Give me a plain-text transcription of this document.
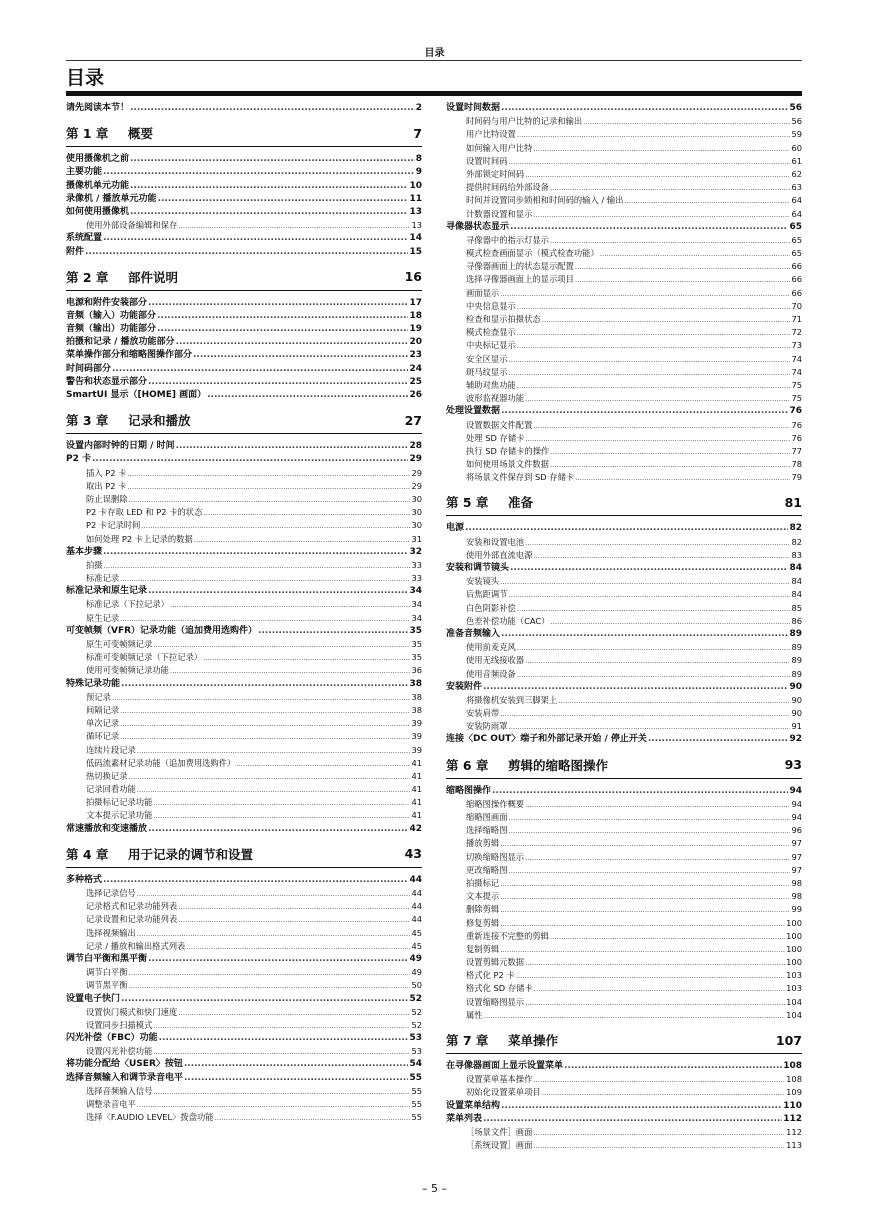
目录
目录
请先阅读本节！ .....	2
第 1 章 概要	7
使用摄像机之前 .....	8
主要功能 .....	9
摄像机单元功能 .....	10
录像机 / 播放单元功能 .....	11
如何使用摄像机 .....	13
使用外部设备编辑和保存 .....	13
系统配置 .....	14
附件 .....	15
第 2 章 部件说明	16
电源和附件安装部分 .....	17
音频（输入）功能部分 .....	18
音频（输出）功能部分 .....	19
拍摄和记录 / 播放功能部分 .....	20
菜单操作部分和缩略图操作部分 .....	23
时间码部分 .....	24
警告和状态显示部分 .....	25
SmartUI 显示（[HOME] 画面） .....	26
第 3 章 记录和播放	27
设置内部时钟的日期 / 时间 .....	28
P2 卡 .....	29
插入 P2 卡 .....	29
取出 P2 卡 .....	29
防止误删除 .....	30
P2 卡存取 LED 和 P2 卡的状态 .....	30
P2 卡记录时间 .....	30
如何处理 P2 卡上记录的数据 .....	31
基本步骤 .....	32
拍摄 .....	33
标准记录 .....	33
标准记录和原生记录 .....	34
标准记录（下拉记录） .....	34
原生记录 .....	34
可变帧频（VFR）记录功能（追加费用选购件） .....	35
原生可变帧频记录 .....	35
标准可变帧频记录（下拉记录） .....	35
使用可变帧频记录功能 .....	36
特殊记录功能 .....	38
预记录 .....	38
间隔记录 .....	38
单次记录 .....	39
循环记录 .....	39
连续片段记录 .....	39
低码流素材记录功能（追加费用选购件） .....	41
热切换记录 .....	41
记录回看功能 .....	41
拍摄标记记录功能 .....	41
文本提示记录功能 .....	41
常速播放和变速播放 .....	42
第 4 章 用于记录的调节和设置	43
多种格式 .....	44
选择记录信号 .....	44
记录格式和记录功能列表 .....	44
记录设置和记录功能列表 .....	44
选择视频输出 .....	45
记录 / 播放和输出格式列表 .....	45
调节白平衡和黑平衡 .....	49
调节白平衡 .....	49
调节黑平衡 .....	50
设置电子快门 .....	52
设置快门模式和快门速度 .....	52
设置同步扫描模式 .....	52
闪光补偿（FBC）功能 .....	53
设置闪光补偿功能 .....	53
将功能分配给〈USER〉按钮 .....	54
选择音频输入和调节录音电平 .....	55
选择音频输入信号 .....	55
调整录音电平 .....	55
选择〈F.AUDIO LEVEL〉拨盘功能 .....	55
设置时间数据 .....	56
时间码与用户比特的记录和输出 .....	56
用户比特设置 .....	59
如何输入用户比特 .....	60
设置时间码 .....	61
外部锁定时间码 .....	62
提供时间码给外部设备 .....	63
时间并设置同步锁相和时间码的输入 / 输出 .....	64
计数器设置和显示 .....	64
寻像器状态显示 .....	65
寻像器中的指示灯显示 .....	65
模式检查画面显示（模式检查功能） .....	65
寻像器画面上的状态显示配置 .....	66
选择寻像器画面上的显示项目 .....	66
画面显示 .....	66
中央信息显示 .....	70
检查和显示拍摄状态 .....	71
模式检查显示 .....	72
中央标记显示 .....	73
安全区显示 .....	74
斑马纹显示 .....	74
辅助对焦功能 .....	75
波形监视器功能 .....	75
处理设置数据 .....	76
设置数据文件配置 .....	76
处理 SD 存储卡 .....	76
执行 SD 存储卡的操作 .....	77
如何使用场景文件数据 .....	78
将场景文件保存到 SD 存储卡 .....	79
第 5 章 准备	81
电源 .....	82
安装和设置电池 .....	82
使用外部直流电源 .....	83
安装和调节镜头 .....	84
安装镜头 .....	84
后焦距调节 .....	84
白色阴影补偿 .....	85
色差补偿功能（CAC） .....	86
准备音频输入 .....	89
使用前麦克风 .....	89
使用无线接收器 .....	89
使用音频设备 .....	89
安装附件 .....	90
将摄像机安装到三脚架上 .....	90
安装肩带 .....	90
安装防雨罩 .....	91
连接〈DC OUT〉端子和外部记录开始 / 停止开关 .....	92
第 6 章 剪辑的缩略图操作	93
缩略图操作 .....	94
缩略图操作概要 .....	94
缩略图画面 .....	94
选择缩略图 .....	96
播放剪辑 .....	97
切换缩略图显示 .....	97
更改缩略图 .....	97
拍摄标记 .....	98
文本提示 .....	98
删除剪辑 .....	99
修复剪辑 .....	100
重新连接不完整的剪辑 .....	100
复制剪辑 .....	100
设置剪辑元数据 .....	100
格式化 P2 卡 .....	103
格式化 SD 存储卡 .....	103
设置缩略图显示 .....	104
属性 .....	104
第 7 章 菜单操作	107
在寻像器画面上显示设置菜单 .....	108
设置菜单基本操作 .....	108
初始化设置菜单项目 .....	109
设置菜单结构 .....	110
菜单列表 .....	112
［场景文件］画面 .....	112
［系统设置］画面 .....	113
– 5 –
